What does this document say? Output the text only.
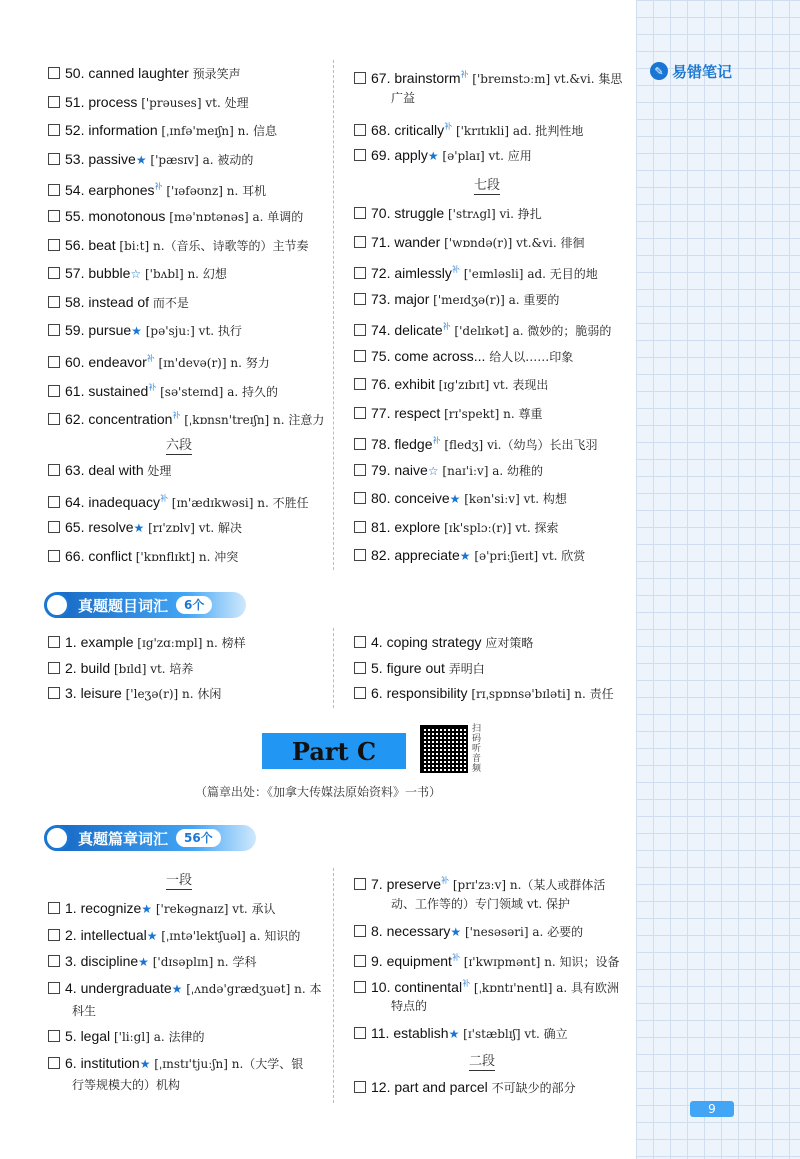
✎ 易错笔记
50. canned laughter 预录笑声
51. process ['prəuses] vt. 处理
52. information [ˌɪnfə'meɪʃn] n. 信息
53. passive★ ['pæsɪv] a. 被动的
54. earphones$^补$ ['ɪəfəʊnz] n. 耳机
55. monotonous [mə'nɒtənəs] a. 单调的
56. beat [biːt] n.（音乐、诗歌等的）主节奏
57. bubble☆ ['bʌbl] n. 幻想
58. instead of 而不是
59. pursue★ [pə'sjuː] vt. 执行
60. endeavor$^补$ [ɪn'devə(r)] n. 努力
61. sustained$^补$ [sə'steɪnd] a. 持久的
62. concentration$^补$ [ˌkɒnsn'treɪʃn] n. 注意力
六段
63. deal with 处理
64. inadequacy$^补$ [ɪn'ædɪkwəsi] n. 不胜任
65. resolve★ [rɪ'zɒlv] vt. 解决
66. conflict ['kɒnflɪkt] n. 冲突
67. brainstorm$^补$ ['breɪnstɔːm] vt.&vi. 集思
68. critically$^补$ ['krɪtɪkli] ad. 批判性地
69. apply★ [ə'plaɪ] vt. 应用
广益
七段
70. struggle ['strʌgl] vi. 挣扎
71. wander ['wɒndə(r)] vt.&vi. 徘徊
72. aimlessly$^补$ ['eɪmləsli] ad. 无目的地
73. major ['meɪdʒə(r)] a. 重要的
74. delicate$^补$ ['delɪkət] a. 微妙的；脆弱的
75. come across... 给人以……印象
76. exhibit [ɪg'zɪbɪt] vt. 表现出
77. respect [rɪ'spekt] n. 尊重
78. fledge$^补$ [fledʒ] vi.（幼鸟）长出飞羽
79. naive☆ [naɪ'iːv] a. 幼稚的
80. conceive★ [kən'siːv] vt. 构想
81. explore [ɪk'splɔː(r)] vt. 探索
82. appreciate★ [ə'priːʃieɪt] vt. 欣赏
真题题目词汇	6个
1. example [ɪg'zɑːmpl] n. 榜样
2. build [bɪld] vt. 培养
3. leisure ['leʒə(r)] n. 休闲
4. coping strategy 应对策略
5. figure out 弄明白
6. responsibility [rɪˌspɒnsə'bɪləti] n. 责任
Part C
扫码听音频
（篇章出处：《加拿大传媒法原始资料》一书）
真题篇章词汇	56个
一段
1. recognize★ ['rekəgnaɪz] vt. 承认
2. intellectual★ [ˌɪntə'lektʃuəl] a. 知识的
3. discipline★ ['dɪsəplɪn] n. 学科
4. undergraduate★ [ˌʌndə'grædʒuət] n. 本
5. legal ['liːgl] a. 法律的
6. institution★ [ˌɪnstɪ'tjuːʃn] n.（大学、银
科生
行等规模大的）机构
7. preserve$^补$ [prɪ'zɜːv] n.（某人或群体活
8. necessary★ ['nesəsəri] a. 必要的
9. equipment$^补$ [ɪ'kwɪpmənt] n. 知识；设备
10. continental$^补$ [ˌkɒntɪ'nentl] a. 具有欧洲
11. establish★ [ɪ'stæblɪʃ] vt. 确立
12. part and parcel 不可缺少的部分
动、工作等的）专门领域 vt. 保护
特点的
二段
9
